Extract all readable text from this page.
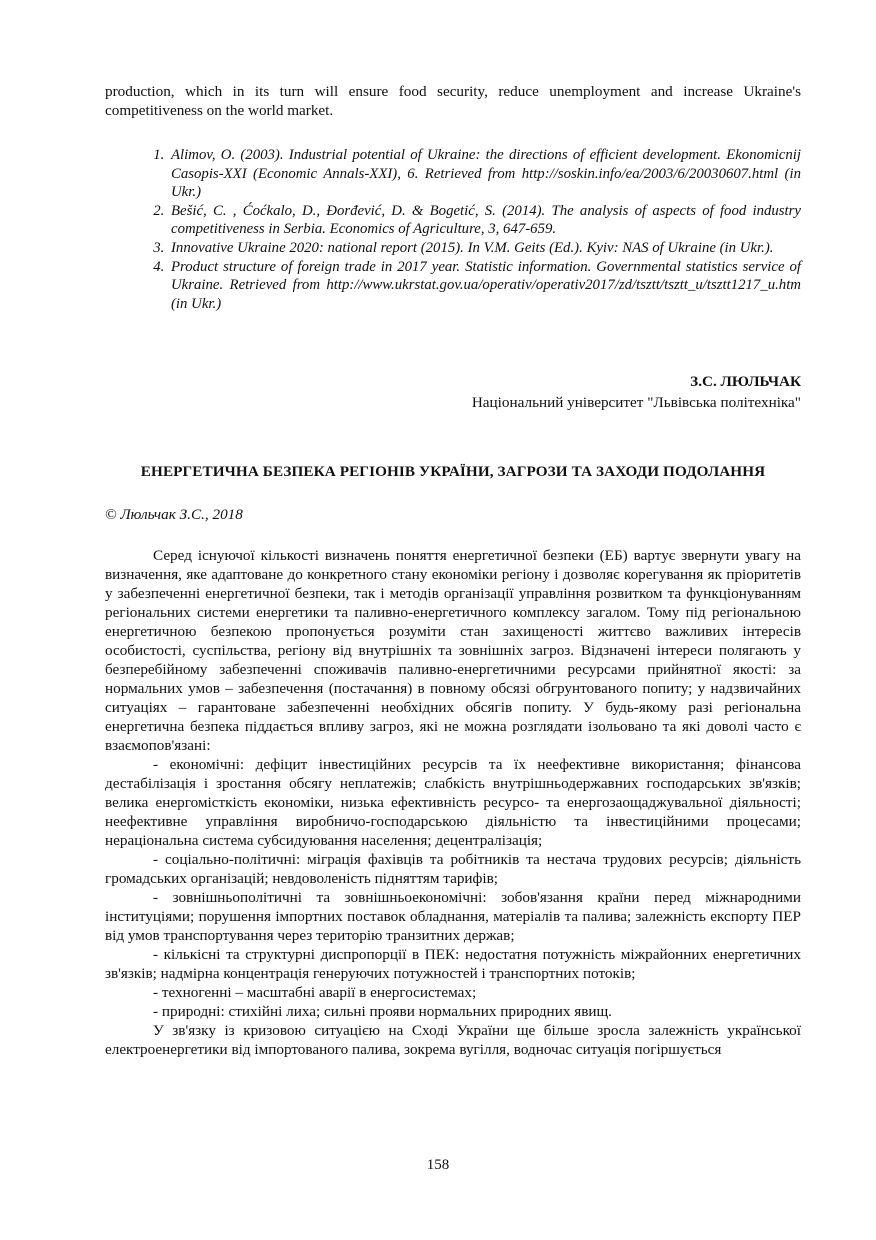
production, which in its turn will ensure food security, reduce unemployment and increase Ukraine's competitiveness on the world market.

1. Alimov, O. (2003). Industrial potential of Ukraine: the directions of efficient development. Ekonomicnij Casopis-XXI (Economic Annals-XXI), 6. Retrieved from http://soskin.info/ea/2003/6/20030607.html (in Ukr.)
2. Bešić, C. , Ćoćkalo, D., Đorđević, D. & Bogetić, S. (2014). The analysis of aspects of food industry competitiveness in Serbia. Economics of Agriculture, 3, 647-659.
3. Innovative Ukraine 2020: national report (2015). In V.M. Geits (Ed.). Kyiv: NAS of Ukraine (in Ukr.).
4. Product structure of foreign trade in 2017 year. Statistic information. Governmental statistics service of Ukraine. Retrieved from http://www.ukrstat.gov.ua/operativ/operativ2017/zd/tsztt/tsztt_u/tsztt1217_u.htm (in Ukr.)
З.С. ЛЮЛЬЧАК
Національний університет "Львівська політехніка"
ЕНЕРГЕТИЧНА БЕЗПЕКА РЕГІОНІВ УКРАЇНИ, ЗАГРОЗИ ТА ЗАХОДИ ПОДОЛАННЯ
© Люльчак З.С., 2018

Серед існуючої кількості визначень поняття енергетичної безпеки (ЕБ) вартує звернути увагу на визначення, яке адаптоване до конкретного стану економіки регіону і дозволяє корегування як пріоритетів у забезпеченні енергетичної безпеки, так і методів організації управління розвитком та функціонуванням регіональних системи енергетики та паливно-енергетичного комплексу загалом. Тому під регіональною енергетичною безпекою пропонується розуміти стан захищеності життєво важливих інтересів особистості, суспільства, регіону від внутрішніх та зовнішніх загроз. Відзначені інтереси полягають у безперебійному забезпеченні споживачів паливно-енергетичними ресурсами прийнятної якості: за нормальних умов – забезпечення (постачання) в повному обсязі обгрунтованого попиту; у надзвичайних ситуаціях – гарантоване забезпеченні необхідних обсягів попиту. У будь-якому разі регіональна енергетична безпека піддається впливу загроз, які не можна розглядати ізольовано та які доволі часто є взаємопов'язані:

- економічні: дефіцит інвестиційних ресурсів та їх неефективне використання; фінансова дестабілізація і зростання обсягу неплатежів; слабкість внутрішньодержавних господарських зв'язків; велика енергомісткість економіки, низька ефективність ресурсо- та енергозаощаджувальної діяльності; неефективне управління виробничо-господарською діяльністю та інвестиційними процесами; нераціональна система субсидуювання населення; децентралізація;

- соціально-політичні: міграція фахівців та робітників та нестача трудових ресурсів; діяльність громадських організацій; невдоволеність підняттям тарифів;

- зовнішньополітичні та зовнішньоекономічні: зобов'язання країни перед міжнародними інституціями; порушення імпортних поставок обладнання, матеріалів та палива; залежність експорту ПЕР від умов транспортування через територію транзитних держав;

- кількісні та структурні диспропорції в ПЕК: недостатня потужність міжрайонних енергетичних зв'язків; надмірна концентрація генеруючих потужностей і транспортних потоків;

- техногенні – масштабні аварії в енергосистемах;

- природні: стихійні лиха; сильні прояви нормальних природних явищ.

У зв'язку із кризовою ситуацією на Сході України ще більше зросла залежність української електроенергетики від імпортованого палива, зокрема вугілля, водночас ситуація погіршується

158
